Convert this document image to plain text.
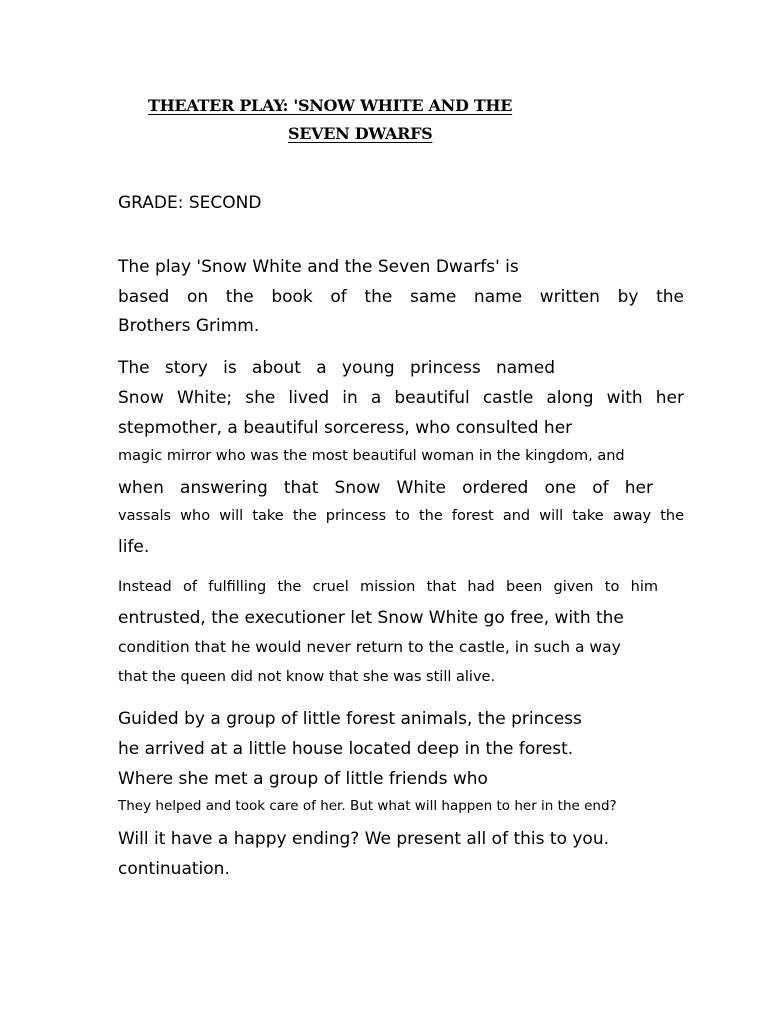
THEATER PLAY: 'SNOW WHITE AND THE
SEVEN DWARFS
GRADE: SECOND
The play 'Snow White and the Seven Dwarfs' is
based on the book of the same name written by the
Brothers Grimm.
The story is about a young princess named
Snow White; she lived in a beautiful castle along with her
stepmother, a beautiful sorceress, who consulted her
magic mirror who was the most beautiful woman in the kingdom, and
when answering that Snow White ordered one of her
vassals who will take the princess to the forest and will take away the
life.
Instead of fulfilling the cruel mission that had been given to him
entrusted, the executioner let Snow White go free, with the
condition that he would never return to the castle, in such a way
that the queen did not know that she was still alive.
Guided by a group of little forest animals, the princess
he arrived at a little house located deep in the forest.
Where she met a group of little friends who
They helped and took care of her. But what will happen to her in the end?
Will it have a happy ending? We present all of this to you.
continuation.
